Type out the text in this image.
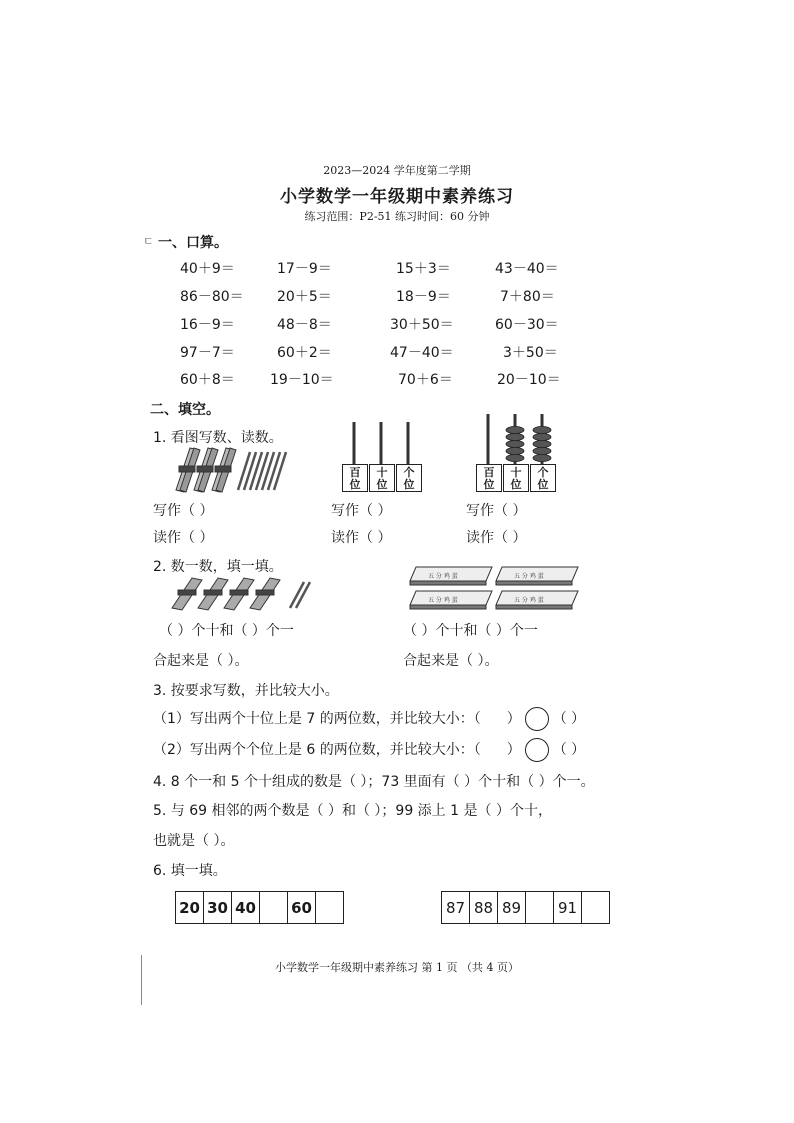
2023—2024 学年度第二学期
小学数学一年级期中素养练习
练习范围：P2-51 练习时间：60 分钟
ㄷ 一、口算。
40＋9＝	17－9＝	15＋3＝	43－40＝
86－80＝ 20＋5＝	18－9＝	7＋80＝
16－9＝	48－8＝	30＋50＝	60－30＝
97－7＝	60＋2＝	47－40＝	3＋50＝
60＋8＝	19－10＝	70＋6＝	20－10＝
二、填空。
1. 看图写数、读数。
百
位
十
位
个
位
百
位
十
位
个
位
写作（ ）
读作（ ）
写作（ ）
读作（ ）
写作（ ）
读作（ ）
2. 数一数，填一填。
五 分 鸡 蛋	五 分 鸡 蛋
五 分 鸡 蛋	五 分 鸡 蛋
（ ）个十和（ ）个一
合起来是（ ）。
（ ）个十和（ ）个一
合起来是（ ）。
3. 按要求写数，并比较大小。
（1）写出两个十位上是 7 的两位数，并比较大小：（ ） （ ）
（2）写出两个个位上是 6 的两位数，并比较大小：（ ） （ ）
4. 8 个一和 5 个十组成的数是（ ）；73 里面有（ ）个十和（ ）个一。
5. 与 69 相邻的两个数是（ ）和（ ）；99 添上 1 是（ ）个十，
也就是（ ）。
6. 填一填。
20	30	40		60		87	88	89		91	
小学数学一年级期中素养练习 第 1 页 （共 4 页）
